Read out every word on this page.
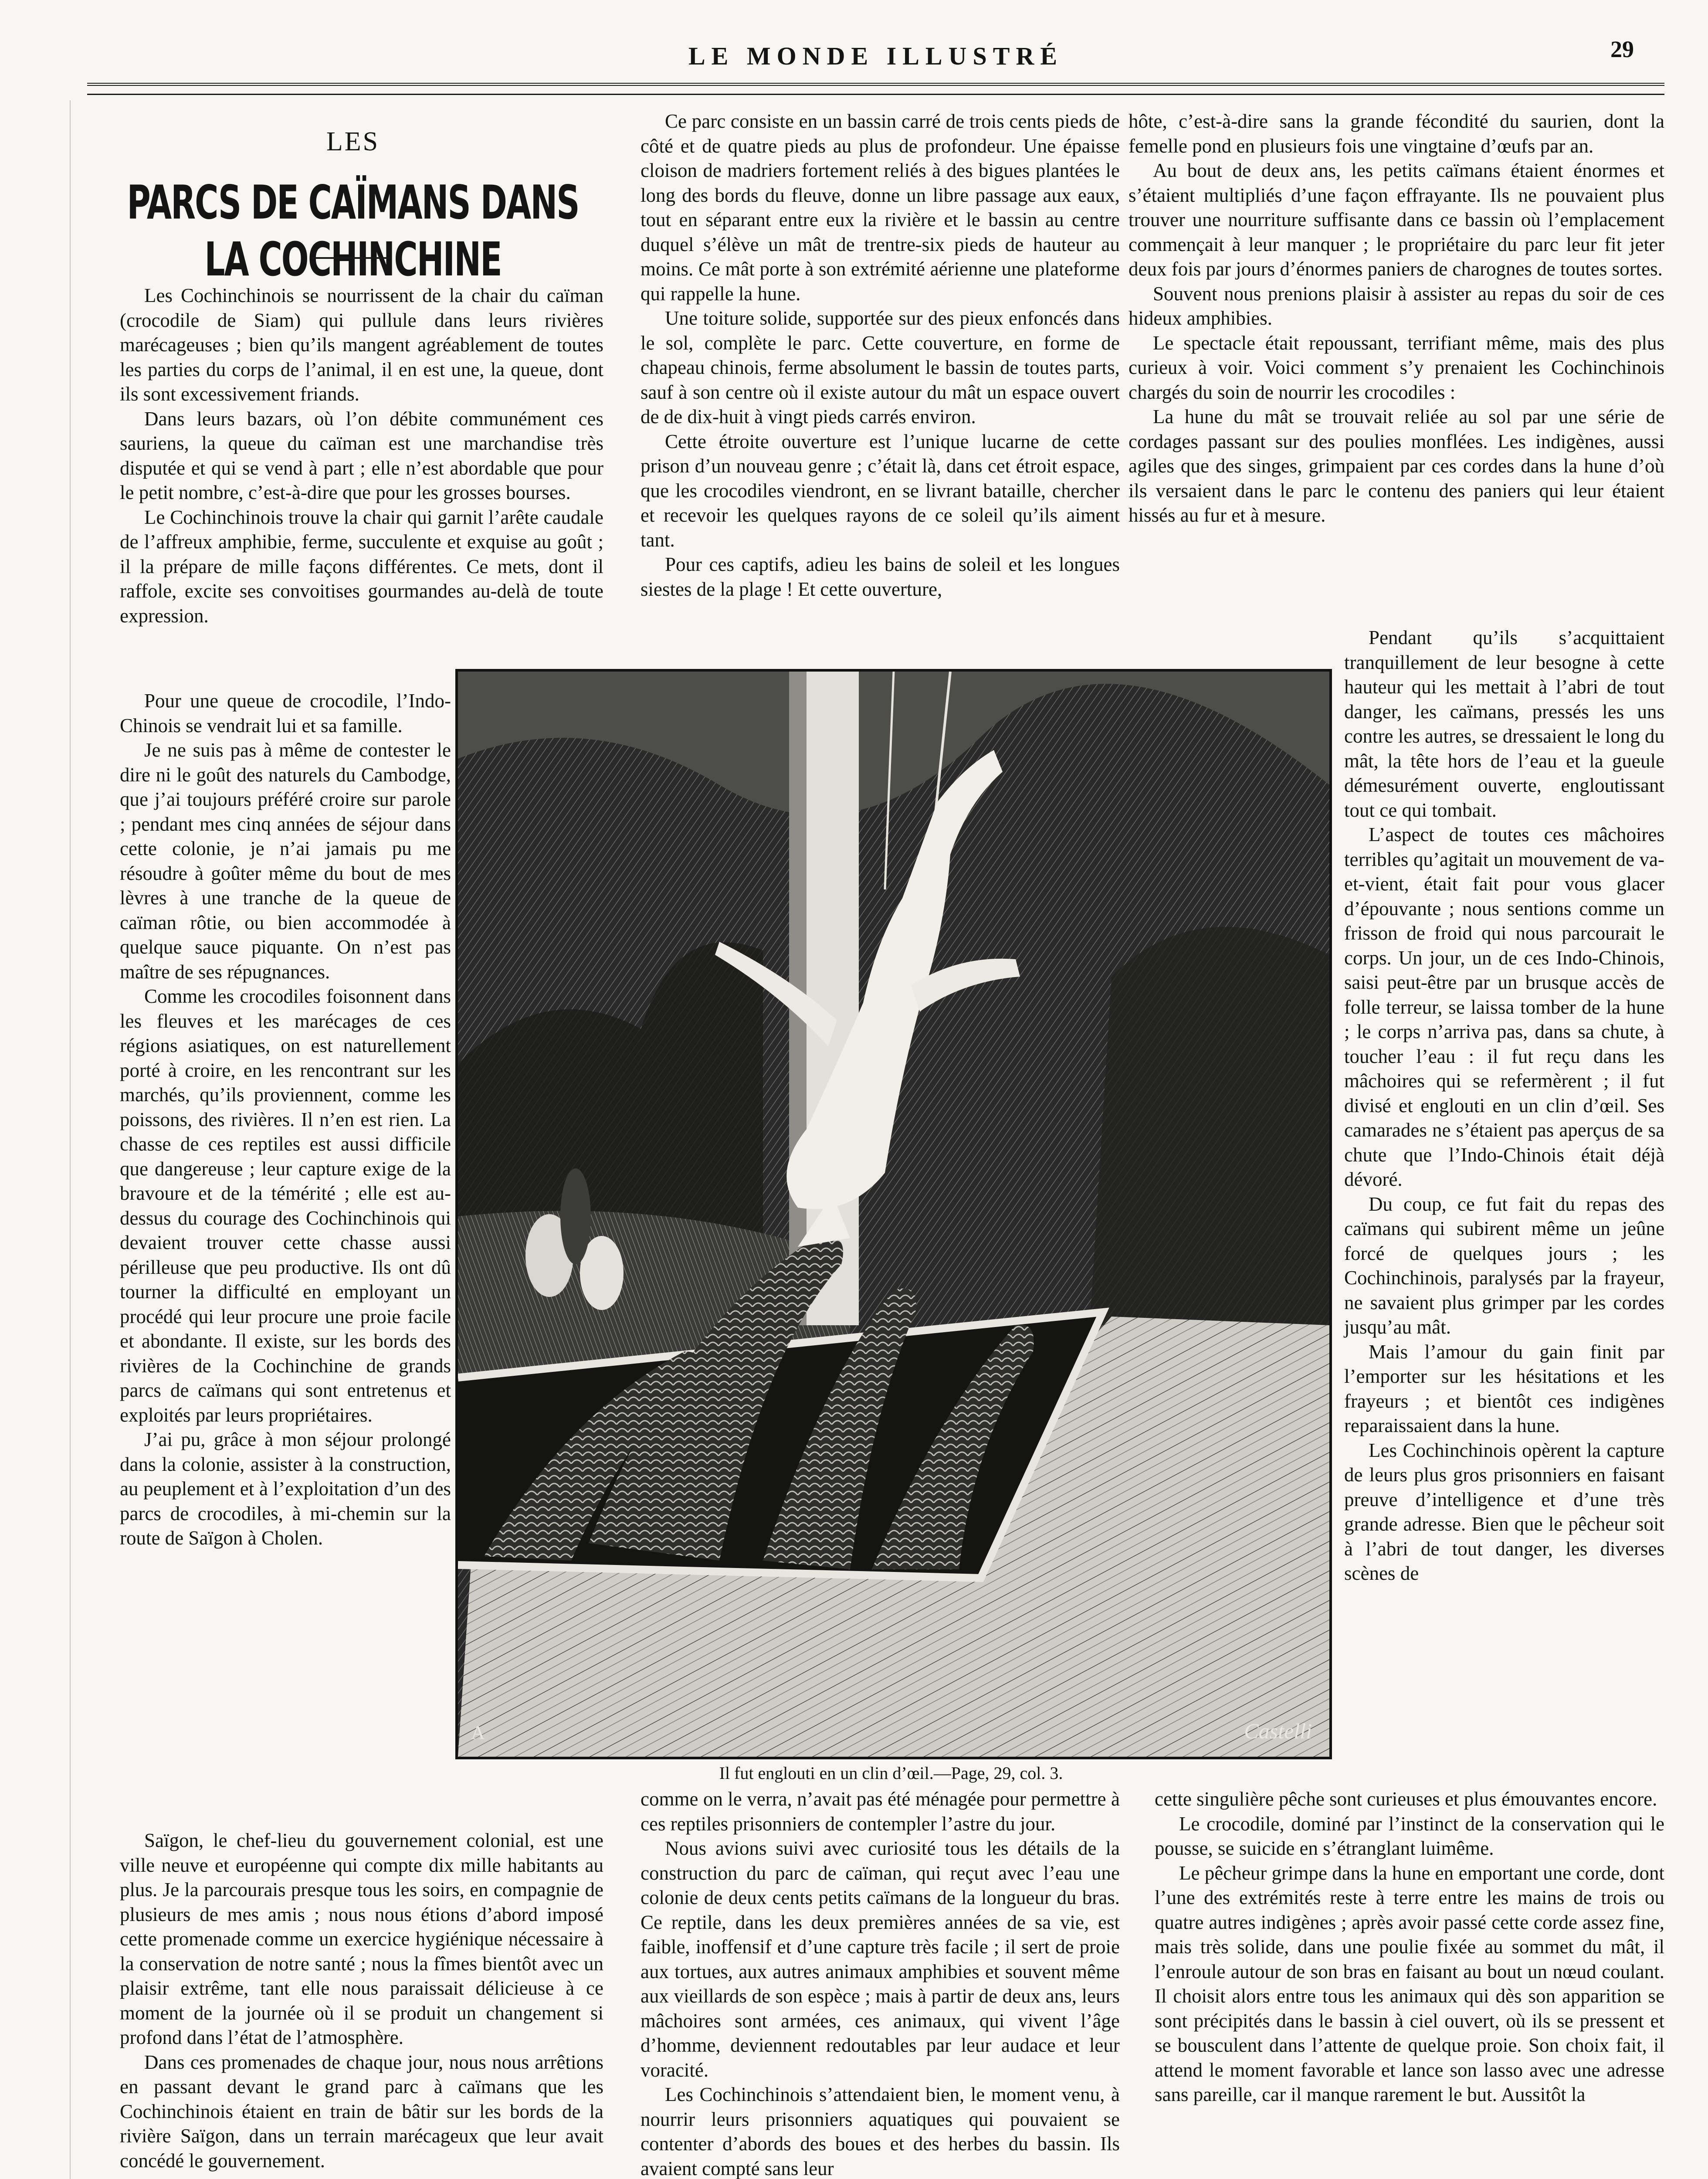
LE MONDE ILLUSTRÉ	29
LES
PARCS DE CAÏMANS DANS LA COCHINCHINE

Les Cochinchinois se nourrissent de la chair du caïman (crocodile de Siam) qui pullule dans leurs rivières marécageuses ; bien qu’ils mangent agréablement de toutes les parties du corps de l’animal, il en est une, la queue, dont ils sont excessivement friands.

Dans leurs bazars, où l’on débite communément ces sauriens, la queue du caïman est une marchandise très disputée et qui se vend à part ; elle n’est abordable que pour le petit nombre, c’est-à-dire que pour les grosses bourses.

Le Cochinchinois trouve la chair qui garnit l’arête caudale de l’affreux amphibie, ferme, succulente et exquise au goût ; il la prépare de mille façons différentes. Ce mets, dont il raffole, excite ses convoitises gourmandes au-delà de toute expression.

Pour une queue de crocodile, l’Indo-Chinois se vendrait lui et sa famille.

Je ne suis pas à même de contester le dire ni le goût des naturels du Cambodge, que j’ai toujours préféré croire sur parole ; pendant mes cinq années de séjour dans cette colonie, je n’ai jamais pu me résoudre à goûter même du bout de mes lèvres à une tranche de la queue de caïman rôtie, ou bien accommodée à quelque sauce piquante. On n’est pas maître de ses répugnances.

Comme les crocodiles foisonnent dans les fleuves et les marécages de ces régions asiatiques, on est naturellement porté à croire, en les rencontrant sur les marchés, qu’ils proviennent, comme les poissons, des rivières. Il n’en est rien. La chasse de ces reptiles est aussi difficile que dangereuse ; leur capture exige de la bravoure et de la témérité ; elle est au-dessus du courage des Cochinchinois qui devaient trouver cette chasse aussi périlleuse que peu productive. Ils ont dû tourner la difficulté en employant un procédé qui leur procure une proie facile et abondante. Il existe, sur les bords des rivières de la Cochinchine de grands parcs de caïmans qui sont entretenus et exploités par leurs propriétaires.

J’ai pu, grâce à mon séjour prolongé dans la colonie, assister à la construction, au peuplement et à l’exploitation d’un des parcs de crocodiles, à mi-chemin sur la route de Saïgon à Cholen.

Saïgon, le chef-lieu du gouvernement colonial, est une ville neuve et européenne qui compte dix mille habitants au plus. Je la parcourais presque tous les soirs, en compagnie de plusieurs de mes amis ; nous nous étions d’abord imposé cette promenade comme un exercice hygiénique nécessaire à la conservation de notre santé ; nous la fîmes bientôt avec un plaisir extrême, tant elle nous paraissait délicieuse à ce moment de la journée où il se produit un changement si profond dans l’état de l’atmosphère.

Dans ces promenades de chaque jour, nous nous arrêtions en passant devant le grand parc à caïmans que les Cochinchinois étaient en train de bâtir sur les bords de la rivière Saïgon, dans un terrain marécageux que leur avait concédé le gouvernement.

Ce parc consiste en un bassin carré de trois cents pieds de côté et de quatre pieds au plus de profondeur. Une épaisse cloison de madriers fortement reliés à des bigues plantées le long des bords du fleuve, donne un libre passage aux eaux, tout en séparant entre eux la rivière et le bassin au centre duquel s’élève un mât de trentre-six pieds de hauteur au moins. Ce mât porte à son extrémité aérienne une plateforme qui rappelle la hune.

Une toiture solide, supportée sur des pieux enfoncés dans le sol, complète le parc. Cette couverture, en forme de chapeau chinois, ferme absolument le bassin de toutes parts, sauf à son centre où il existe autour du mât un espace ouvert de de dix-huit à vingt pieds carrés environ.

Cette étroite ouverture est l’unique lucarne de cette prison d’un nouveau genre ; c’était là, dans cet étroit espace, que les crocodiles viendront, en se livrant bataille, chercher et recevoir les quelques rayons de ce soleil qu’ils aiment tant.

Pour ces captifs, adieu les bains de soleil et les longues siestes de la plage ! Et cette ouverture,

comme on le verra, n’avait pas été ménagée pour permettre à ces reptiles prisonniers de contempler l’astre du jour.

Nous avions suivi avec curiosité tous les détails de la construction du parc de caïman, qui reçut avec l’eau une colonie de deux cents petits caïmans de la longueur du bras. Ce reptile, dans les deux premières années de sa vie, est faible, inoffensif et d’une capture très facile ; il sert de proie aux tortues, aux autres animaux amphibies et souvent même aux vieillards de son espèce ; mais à partir de deux ans, leurs mâchoires sont armées, ces animaux, qui vivent l’âge d’homme, deviennent redoutables par leur audace et leur voracité.

Les Cochinchinois s’attendaient bien, le moment venu, à nourrir leurs prisonniers aquatiques qui pouvaient se contenter d’abords des boues et des herbes du bassin. Ils avaient compté sans leur

hôte, c’est-à-dire sans la grande fécondité du saurien, dont la femelle pond en plusieurs fois une vingtaine d’œufs par an.

Au bout de deux ans, les petits caïmans étaient énormes et s’étaient multipliés d’une façon effrayante. Ils ne pouvaient plus trouver une nourriture suffisante dans ce bassin où l’emplacement commençait à leur manquer ; le propriétaire du parc leur fit jeter deux fois par jours d’énormes paniers de charognes de toutes sortes.

Souvent nous prenions plaisir à assister au repas du soir de ces hideux amphibies.

Le spectacle était repoussant, terrifiant même, mais des plus curieux à voir. Voici comment s’y prenaient les Cochinchinois chargés du soin de nourrir les crocodiles :

La hune du mât se trouvait reliée au sol par une série de cordages passant sur des poulies monflées. Les indigènes, aussi agiles que des singes, grimpaient par ces cordes dans la hune d’où ils versaient dans le parc le contenu des paniers qui leur étaient hissés au fur et à mesure.

Pendant qu’ils s’acquittaient tranquillement de leur besogne à cette hauteur qui les mettait à l’abri de tout danger, les caïmans, pressés les uns contre les autres, se dressaient le long du mât, la tête hors de l’eau et la gueule démesurément ouverte, engloutissant tout ce qui tombait.

L’aspect de toutes ces mâchoires terribles qu’agitait un mouvement de va-et-vient, était fait pour vous glacer d’épouvante ; nous sentions comme un frisson de froid qui nous parcourait le corps. Un jour, un de ces Indo-Chinois, saisi peut-être par un brusque accès de folle terreur, se laissa tomber de la hune ; le corps n’arriva pas, dans sa chute, à toucher l’eau : il fut reçu dans les mâchoires qui se refermèrent ; il fut divisé et englouti en un clin d’œil. Ses camarades ne s’étaient pas aperçus de sa chute que l’Indo-Chinois était déjà dévoré.

Du coup, ce fut fait du repas des caïmans qui subirent même un jeûne forcé de quelques jours ; les Cochinchinois, paralysés par la frayeur, ne savaient plus grimper par les cordes jusqu’au mât.

Mais l’amour du gain finit par l’emporter sur les hésitations et les frayeurs ; et bientôt ces indigènes reparaissaient dans la hune.

Les Cochinchinois opèrent la capture de leurs plus gros prisonniers en faisant preuve d’intelligence et d’une très grande adresse. Bien que le pêcheur soit à l’abri de tout danger, les diverses scènes de

cette singulière pêche sont curieuses et plus émouvantes encore.

Le crocodile, dominé par l’instinct de la conservation qui le pousse, se suicide en s’étranglant luimême.

Le pêcheur grimpe dans la hune en emportant une corde, dont l’une des extrémités reste à terre entre les mains de trois ou quatre autres indigènes ; après avoir passé cette corde assez fine, mais très solide, dans une poulie fixée au sommet du mât, il l’enroule autour de son bras en faisant au bout un nœud coulant. Il choisit alors entre tous les animaux qui dès son apparition se sont précipités dans le bassin à ciel ouvert, où ils se pressent et se bousculent dans l’attente de quelque proie. Son choix fait, il attend le moment favorable et lance son lasso avec une adresse sans pareille, car il manque rarement le but. Aussitôt la

Castelli
A
Il fut englouti en un clin d’œil.—Page, 29, col. 3.
